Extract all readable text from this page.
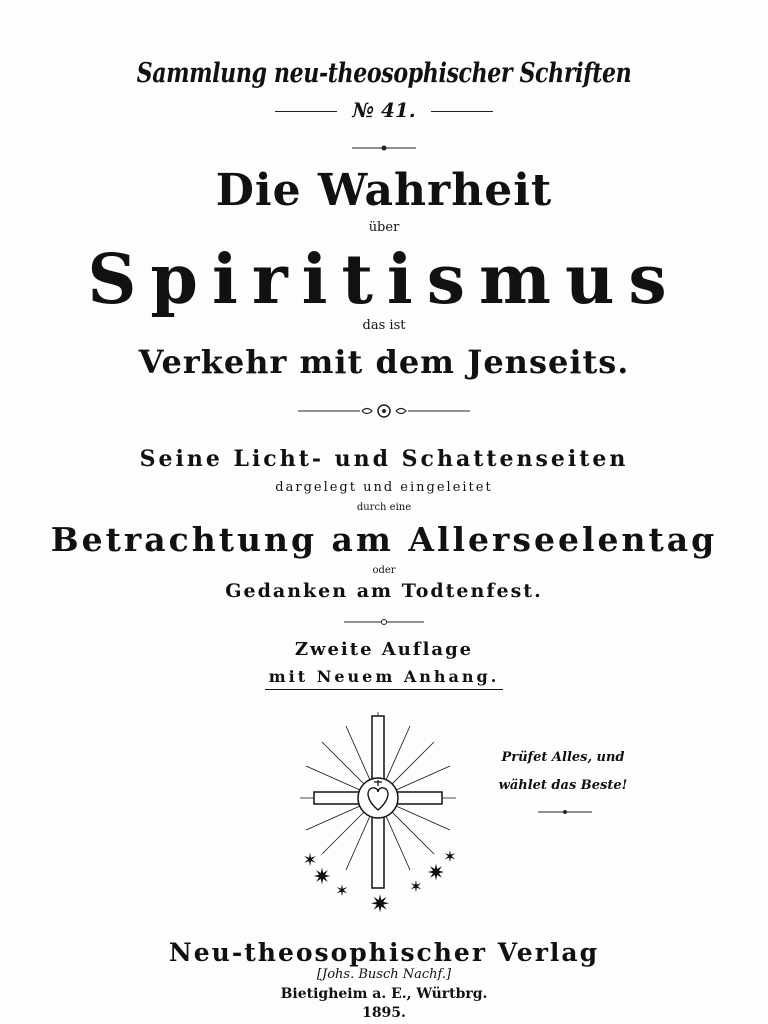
Sammlung neu-theosophischer Schriften
№ 41.
Die Wahrheit
über
Spiritismus
das ist
Verkehr mit dem Jenseits.
Seine Licht- und Schattenseiten
dargelegt und eingeleitet
durch eine
Betrachtung am Allerseelentag
oder
Gedanken am Todtenfest.
Zweite Auflage
mit Neuem Anhang.
Prüfet Alles, und
wählet das Beste!
Neu-theosophischer Verlag
[Johs. Busch Nachf.]
Bietigheim a. E., Würtbrg.
1895.
✶
✷
✶ ✷
✶
✷
✶
